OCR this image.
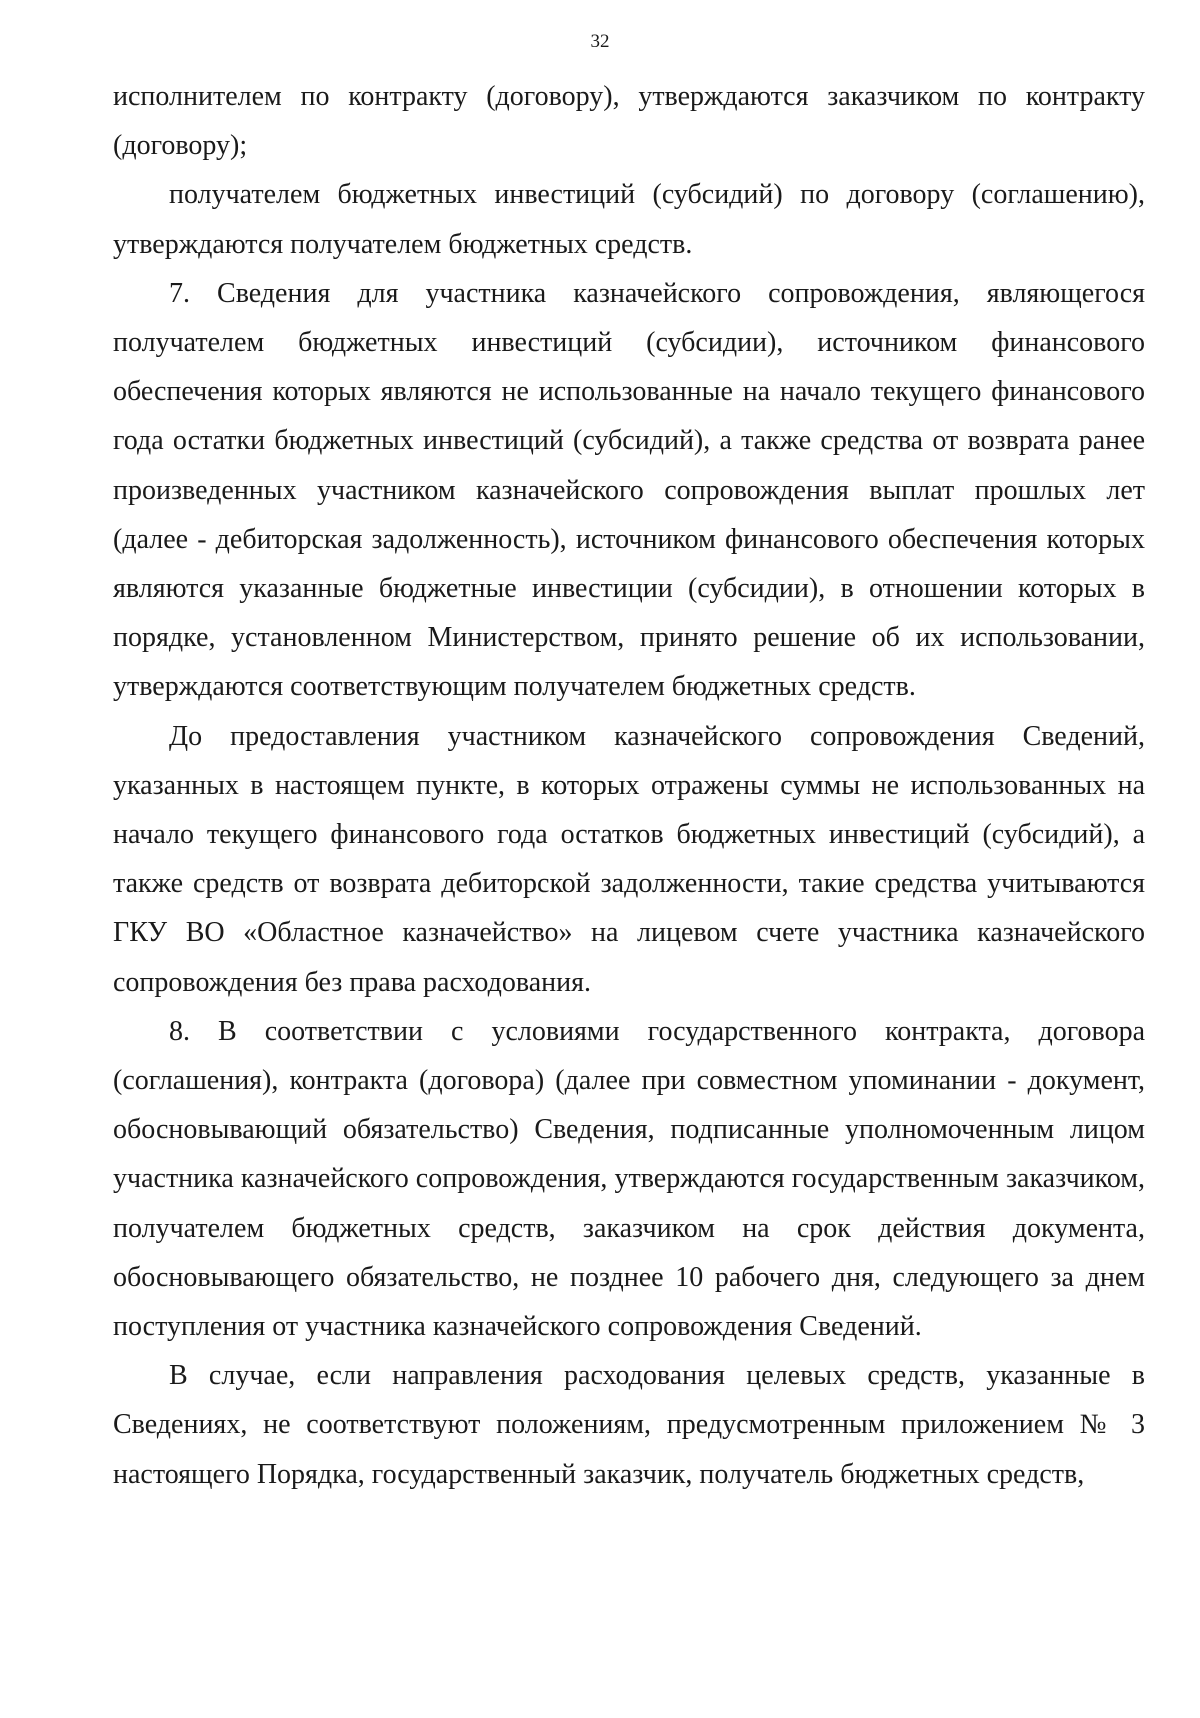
32

исполнителем по контракту (договору), утверждаются заказчиком по контракту (договору);

получателем бюджетных инвестиций (субсидий) по договору (соглашению), утверждаются получателем бюджетных средств.

7. Сведения для участника казначейского сопровождения, являющегося получателем бюджетных инвестиций (субсидии), источником финансового обеспечения которых являются не использованные на начало текущего финансового года остатки бюджетных инвестиций (субсидий), а также средства от возврата ранее произведенных участником казначейского сопровождения выплат прошлых лет (далее - дебиторская задолженность), источником финансового обеспечения которых являются указанные бюджетные инвестиции (субсидии), в отношении которых в порядке, установленном Министерством, принято решение об их использовании, утверждаются соответствующим получателем бюджетных средств.

До предоставления участником казначейского сопровождения Сведений, указанных в настоящем пункте, в которых отражены суммы не использованных на начало текущего финансового года остатков бюджетных инвестиций (субсидий), а также средств от возврата дебиторской задолженности, такие средства учитываются ГКУ ВО «Областное казначейство» на лицевом счете участника казначейского сопровождения без права расходования.

8. В соответствии с условиями государственного контракта, договора (соглашения), контракта (договора) (далее при совместном упоминании - документ, обосновывающий обязательство) Сведения, подписанные уполномоченным лицом участника казначейского сопровождения, утверждаются государственным заказчиком, получателем бюджетных средств, заказчиком на срок действия документа, обосновывающего обязательство, не позднее 10 рабочего дня, следующего за днем поступления от участника казначейского сопровождения Сведений.

В случае, если направления расходования целевых средств, указанные в Сведениях, не соответствуют положениям, предусмотренным приложением № 3 настоящего Порядка, государственный заказчик, получатель бюджетных средств,
